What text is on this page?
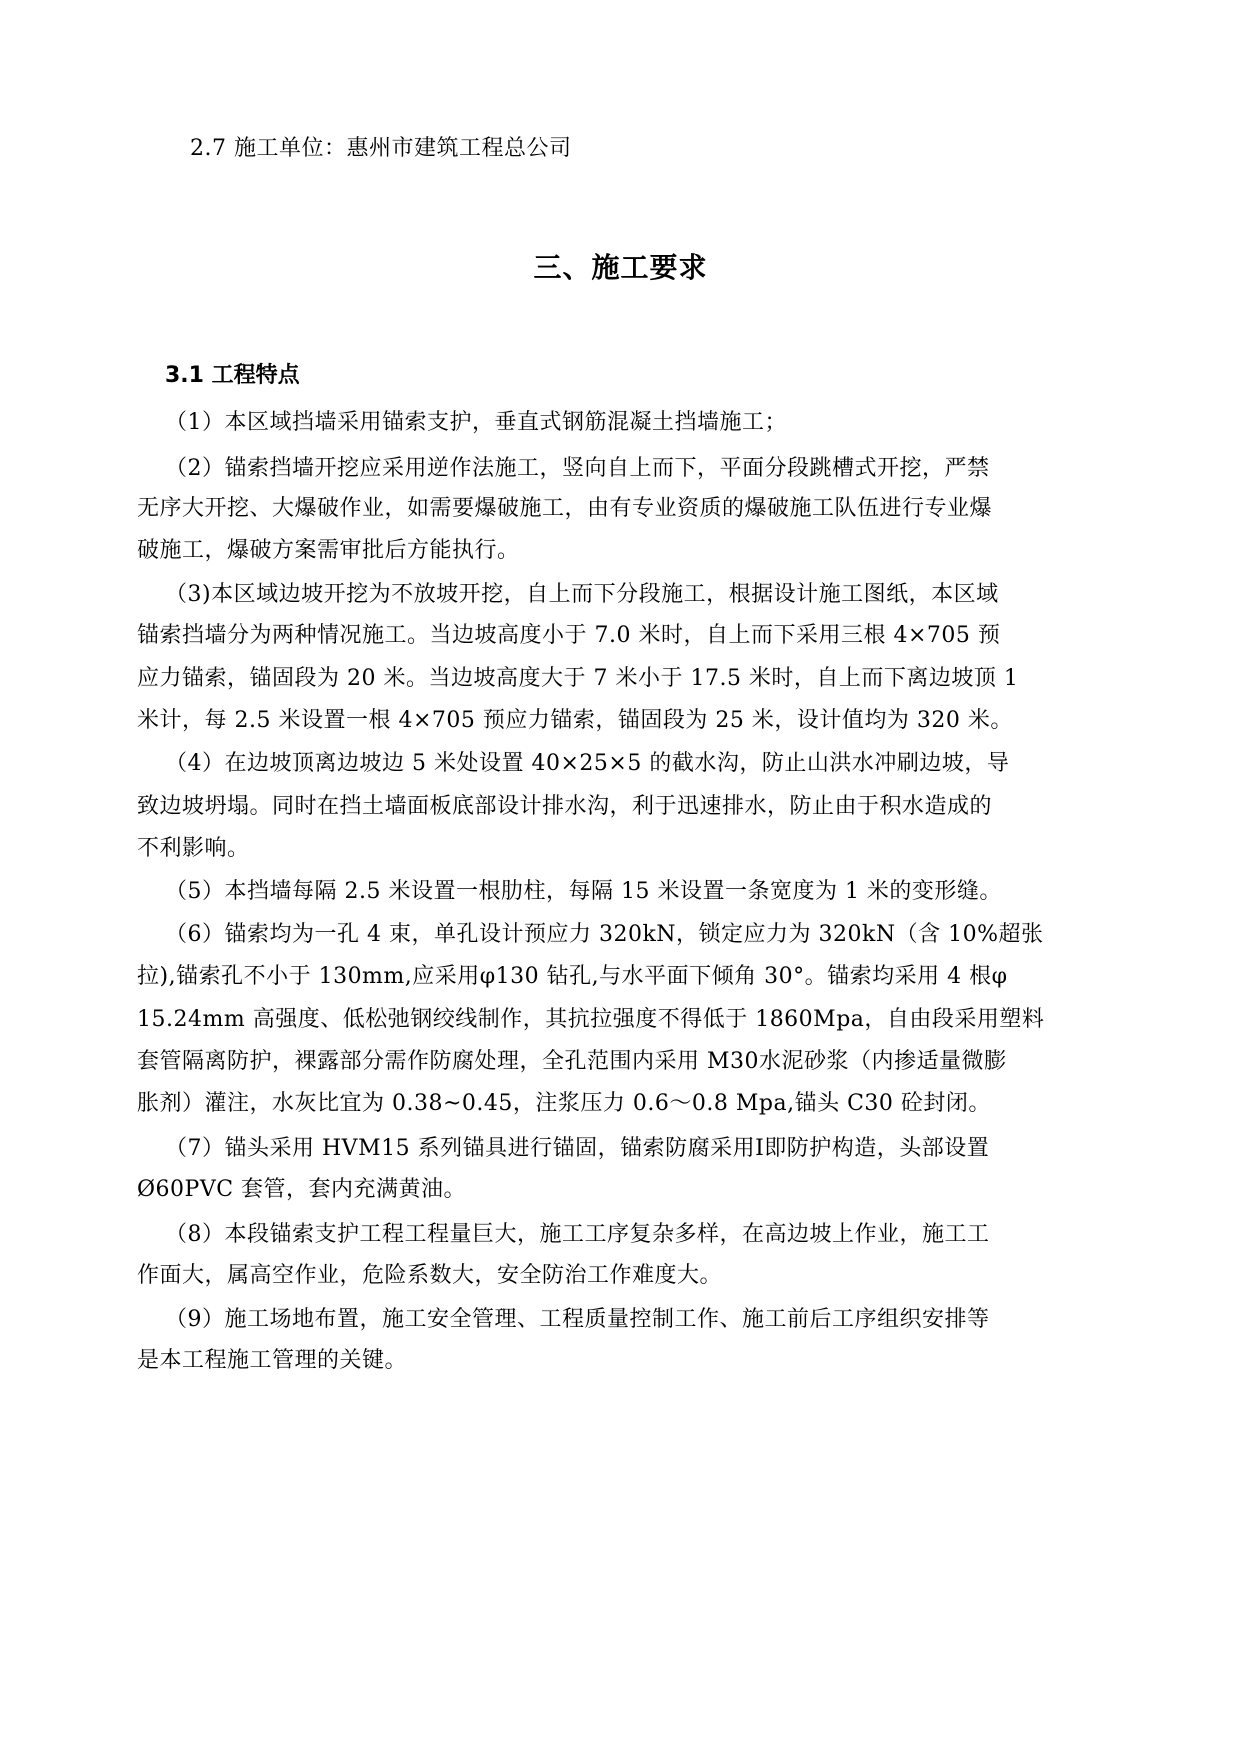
2.7 施工单位：惠州市建筑工程总公司

三、施工要求
3.1 工程特点

（1）本区域挡墙采用锚索支护，垂直式钢筋混凝土挡墙施工；

（2）锚索挡墙开挖应采用逆作法施工，竖向自上而下，平面分段跳槽式开挖，严禁

无序大开挖、大爆破作业，如需要爆破施工，由有专业资质的爆破施工队伍进行专业爆

破施工，爆破方案需审批后方能执行。

（3)本区域边坡开挖为不放坡开挖，自上而下分段施工，根据设计施工图纸，本区域

锚索挡墙分为两种情况施工。当边坡高度小于 7.0 米时，自上而下采用三根 4×705 预

应力锚索，锚固段为 20 米。当边坡高度大于 7 米小于 17.5 米时，自上而下离边坡顶 1

米计，每 2.5 米设置一根 4×705 预应力锚索，锚固段为 25 米，设计值均为 320 米。

（4）在边坡顶离边坡边 5 米处设置 40×25×5 的截水沟，防止山洪水冲刷边坡，导

致边坡坍塌。同时在挡土墙面板底部设计排水沟，利于迅速排水，防止由于积水造成的

不利影响。

（5）本挡墙每隔 2.5 米设置一根肋柱，每隔 15 米设置一条宽度为 1 米的变形缝。

（6）锚索均为一孔 4 束，单孔设计预应力 320kN，锁定应力为 320kN（含 10%超张

拉),锚索孔不小于 130mm,应采用φ130 钻孔,与水平面下倾角 30°。锚索均采用 4 根φ

15.24mm 高强度、低松弛钢绞线制作，其抗拉强度不得低于 1860Mpa，自由段采用塑料

套管隔离防护，裸露部分需作防腐处理，全孔范围内采用 M30水泥砂浆（内掺适量微膨

胀剂）灌注，水灰比宜为 0.38~0.45，注浆压力 0.6～0.8 Mpa,锚头 C30 砼封闭。

（7）锚头采用 HVM15 系列锚具进行锚固，锚索防腐采用Ⅰ即防护构造，头部设置

Ø60PVC 套管，套内充满黄油。

（8）本段锚索支护工程工程量巨大，施工工序复杂多样，在高边坡上作业，施工工

作面大，属高空作业，危险系数大，安全防治工作难度大。

（9）施工场地布置，施工安全管理、工程质量控制工作、施工前后工序组织安排等

是本工程施工管理的关键。
